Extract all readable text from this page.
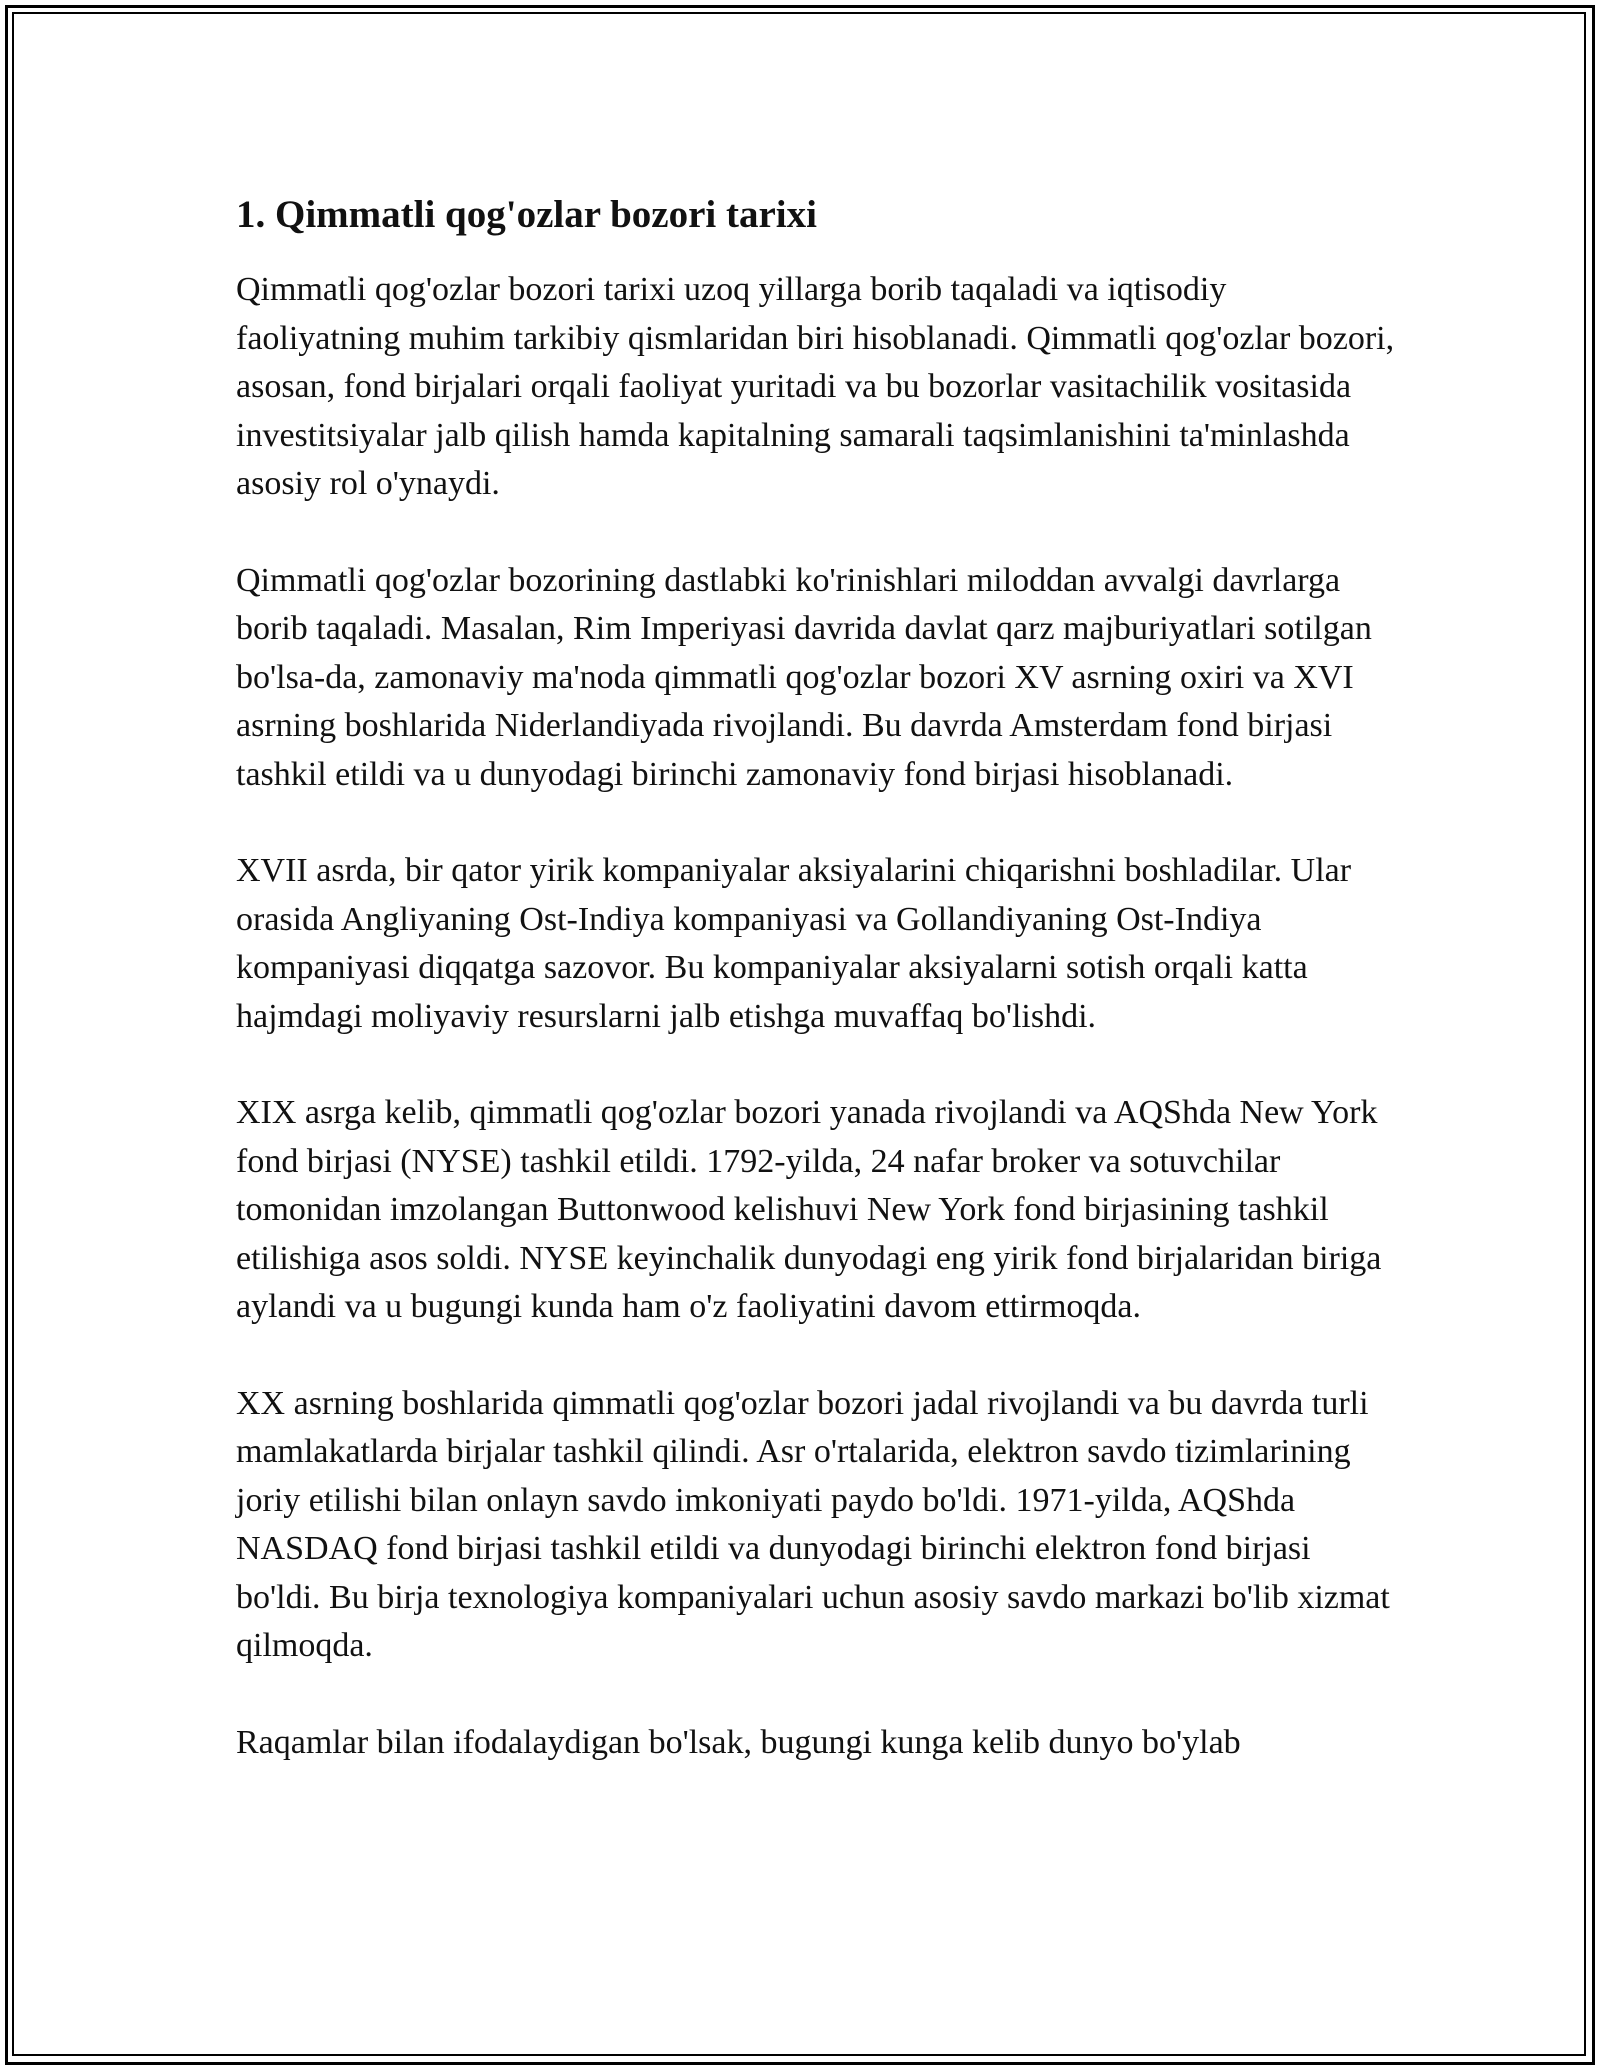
1. Qimmatli qog'ozlar bozori tarixi

Qimmatli qog'ozlar bozori tarixi uzoq yillarga borib taqaladi va iqtisodiy faoliyatning muhim tarkibiy qismlaridan biri hisoblanadi. Qimmatli qog'ozlar bozori, asosan, fond birjalari orqali faoliyat yuritadi va bu bozorlar vasitachilik vositasida investitsiyalar jalb qilish hamda kapitalning samarali taqsimlanishini ta'minlashda asosiy rol o'ynaydi.

Qimmatli qog'ozlar bozorining dastlabki ko'rinishlari miloddan avvalgi davrlarga borib taqaladi. Masalan, Rim Imperiyasi davrida davlat qarz majburiyatlari sotilgan bo'lsa-da, zamonaviy ma'noda qimmatli qog'ozlar bozori XV asrning oxiri va XVI asrning boshlarida Niderlandiyada rivojlandi. Bu davrda Amsterdam fond birjasi tashkil etildi va u dunyodagi birinchi zamonaviy fond birjasi hisoblanadi.

XVII asrda, bir qator yirik kompaniyalar aksiyalarini chiqarishni boshladilar. Ular orasida Angliyaning Ost-Indiya kompaniyasi va Gollandiyaning Ost-Indiya kompaniyasi diqqatga sazovor. Bu kompaniyalar aksiyalarni sotish orqali katta hajmdagi moliyaviy resurslarni jalb etishga muvaffaq bo'lishdi.

XIX asrga kelib, qimmatli qog'ozlar bozori yanada rivojlandi va AQShda New York fond birjasi (NYSE) tashkil etildi. 1792-yilda, 24 nafar broker va sotuvchilar tomonidan imzolangan Buttonwood kelishuvi New York fond birjasining tashkil etilishiga asos soldi. NYSE keyinchalik dunyodagi eng yirik fond birjalaridan biriga aylandi va u bugungi kunda ham o'z faoliyatini davom ettirmoqda.

XX asrning boshlarida qimmatli qog'ozlar bozori jadal rivojlandi va bu davrda turli mamlakatlarda birjalar tashkil qilindi. Asr o'rtalarida, elektron savdo tizimlarining joriy etilishi bilan onlayn savdo imkoniyati paydo bo'ldi. 1971-yilda, AQShda NASDAQ fond birjasi tashkil etildi va dunyodagi birinchi elektron fond birjasi bo'ldi. Bu birja texnologiya kompaniyalari uchun asosiy savdo markazi bo'lib xizmat qilmoqda.

Raqamlar bilan ifodalaydigan bo'lsak, bugungi kunga kelib dunyo bo'ylab
